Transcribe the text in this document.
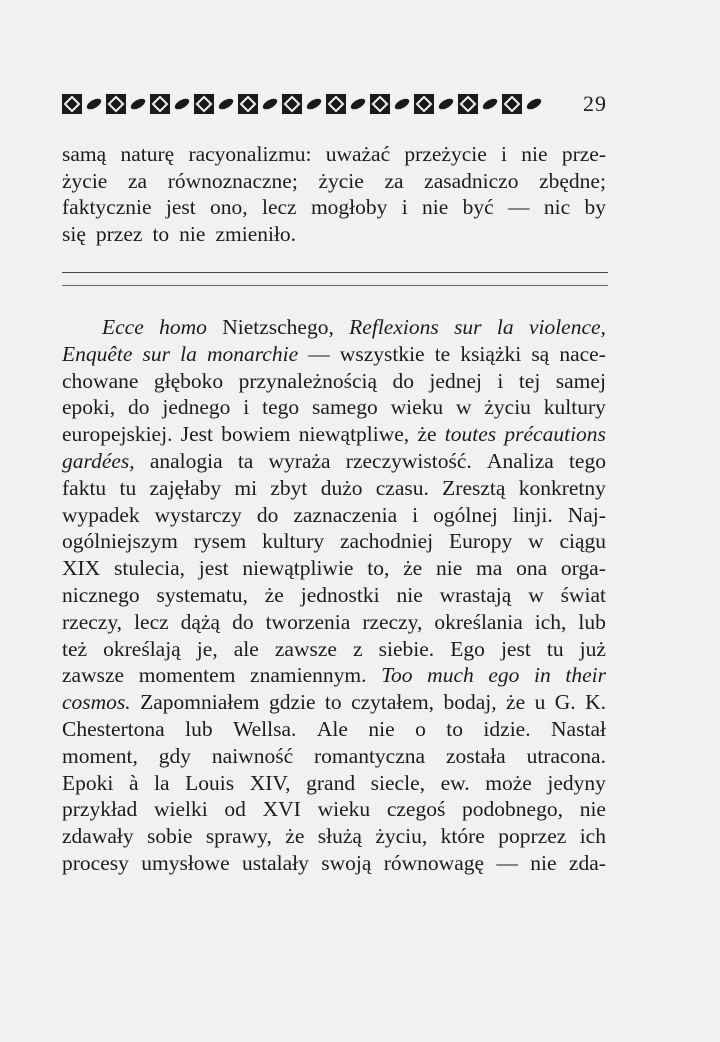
29
samą naturę racyonalizmu: uważać przeżycie i nie prze-
życie za równoznaczne; życie za zasadniczo zbędne;
faktycznie jest ono, lecz mogłoby i nie być — nic by
się przez to nie zmieniło.
Ecce homo Nietzschego, Reflexions sur la violence,
Enquête sur la monarchie — wszystkie te książki są nace-
chowane głęboko przynależnością do jednej i tej samej
epoki, do jednego i tego samego wieku w życiu kultury
europejskiej. Jest bowiem niewątpliwe, że toutes précautions
gardées, analogia ta wyraża rzeczywistość. Analiza tego
faktu tu zajęłaby mi zbyt dużo czasu. Zresztą konkretny
wypadek wystarczy do zaznaczenia i ogólnej linji. Naj-
ogólniejszym rysem kultury zachodniej Europy w ciągu
XIX stulecia, jest niewątpliwie to, że nie ma ona orga-
nicznego systematu, że jednostki nie wrastają w świat
rzeczy, lecz dążą do tworzenia rzeczy, określania ich, lub
też określają je, ale zawsze z siebie. Ego jest tu już
zawsze momentem znamiennym. Too much ego in their
cosmos. Zapomniałem gdzie to czytałem, bodaj, że u G. K.
Chestertona lub Wellsa. Ale nie o to idzie. Nastał
moment, gdy naiwność romantyczna została utracona.
Epoki à la Louis XIV, grand siecle, ew. może jedyny
przykład wielki od XVI wieku czegoś podobnego, nie
zdawały sobie sprawy, że służą życiu, które poprzez ich
procesy umysłowe ustalały swoją równowagę — nie zda-
